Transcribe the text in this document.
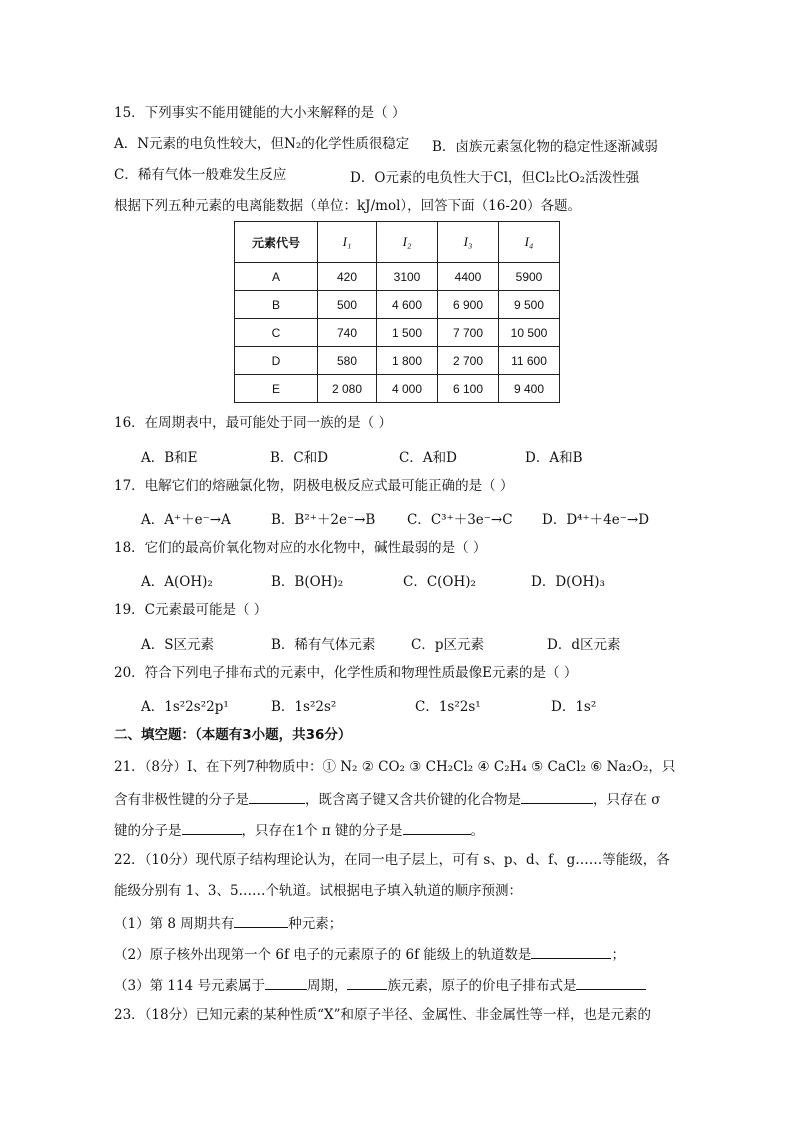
15．下列事实不能用键能的大小来解释的是（ ）
A．N元素的电负性较大，但N₂的化学性质很稳定 B．卤族元素氢化物的稳定性逐渐减弱
C．稀有气体一般难发生反应	D．O元素的电负性大于Cl，但Cl₂比O₂活泼性强
根据下列五种元素的电离能数据（单位：kJ/mol），回答下面（16-20）各题。
元素代号	I₁	I₂	I₃	I₄
A	420	3100	4400	5900
B	500	4 600	6 900	9 500
C	740	1 500	7 700	10 500
D	580	1 800	2 700	11 600
E	2 080	4 000	6 100	9 400
16．在周期表中，最可能处于同一族的是（ ）
A．B和E	B．C和D	C．A和D	D．A和B
17．电解它们的熔融氯化物，阴极电极反应式最可能正确的是（ ）
A．A⁺＋e⁻→A	B．B²⁺＋2e⁻→B C．C³⁺＋3e⁻→C D．D⁴⁺＋4e⁻→D
18．它们的最高价氧化物对应的水化物中，碱性最弱的是（ ）
A．A(OH)₂	B．B(OH)₂	C．C(OH)₂	D．D(OH)₃
19．C元素最可能是（ ）
A．S区元素	B．稀有气体元素	C．p区元素	D．d区元素
20．符合下列电子排布式的元素中，化学性质和物理性质最像E元素的是（ ）
A．1s²2s²2p¹	B．1s²2s²	C．1s²2s¹	D．1s²
二、填空题：（本题有3小题，共36分）
21．（8分）I、在下列7种物质中：① N₂ ② CO₂ ③ CH₂Cl₂ ④ C₂H₄ ⑤ CaCl₂ ⑥ Na₂O₂，只
含有非极性键的分子是	，既含离子键又含共价键的化合物是	，只存在 σ
键的分子是	，只存在1个 π 键的分子是	。
22．（10分）现代原子结构理论认为，在同一电子层上，可有 s、p、d、f、g……等能级，各
能级分别有 1、3、5……个轨道。试根据电子填入轨道的顺序预测：
（1）第 8 周期共有	种元素；
（2）原子核外出现第一个 6f 电子的元素原子的 6f 能级上的轨道数是	；
（3）第 114 号元素属于	周期，	族元素，原子的价电子排布式是
23．（18分）已知元素的某种性质“X”和原子半径、金属性、非金属性等一样，也是元素的
